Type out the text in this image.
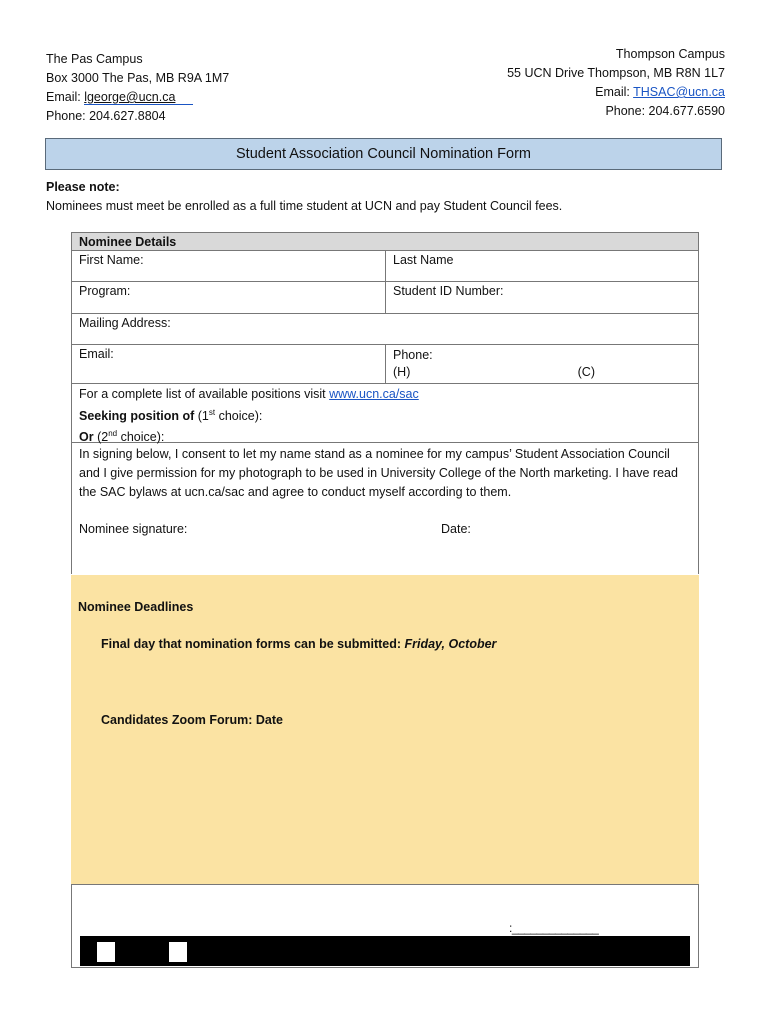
The Pas Campus
Box 3000 The Pas, MB R9A 1M7
Email: lgeorge@ucn.ca
Phone: 204.627.8804
Thompson Campus
55 UCN Drive Thompson, MB R8N 1L7
Email: THSAC@ucn.ca
Phone: 204.677.6590
Student Association Council Nomination Form
Please note:
Nominees must meet be enrolled as a full time student at UCN and pay Student Council fees.
Nominee Details
First Name:	Last Name
Program:	Student ID Number:
Mailing Address:
Email:	Phone:
(H)	(C)
For a complete list of available positions visit www.ucn.ca/sac
Seeking position of (1st choice):
Or (2nd choice):
In signing below, I consent to let my name stand as a nominee for my campus’ Student Association Council and I give permission for my photograph to be used in University College of the North marketing. I have read the SAC bylaws at ucn.ca/sac and agree to conduct myself according to them.
Nominee signature:	Date:
Nominee Deadlines
Final day that nomination forms can be submitted: Friday, October
Candidates Zoom Forum: Date
:______________
